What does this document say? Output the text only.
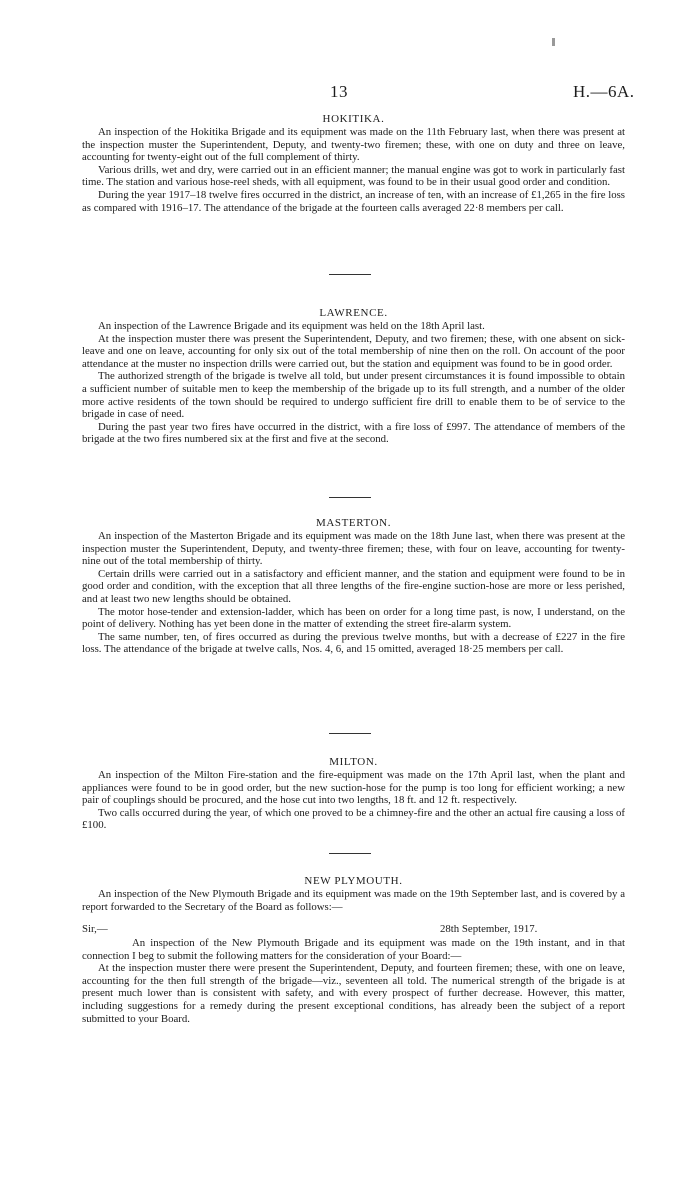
13	H.—6A.
HOKITIKA.

An inspection of the Hokitika Brigade and its equipment was made on the 11th February last, when there was present at the inspection muster the Superintendent, Deputy, and twenty-two firemen; these, with one on duty and three on leave, accounting for twenty-eight out of the full complement of thirty.

Various drills, wet and dry, were carried out in an efficient manner; the manual engine was got to work in particularly fast time. The station and various hose-reel sheds, with all equipment, was found to be in their usual good order and condition.

During the year 1917–18 twelve fires occurred in the district, an increase of ten, with an increase of £1,265 in the fire loss as compared with 1916–17. The attendance of the brigade at the fourteen calls averaged 22·8 members per call.

LAWRENCE.

An inspection of the Lawrence Brigade and its equipment was held on the 18th April last.

At the inspection muster there was present the Superintendent, Deputy, and two firemen; these, with one absent on sick-leave and one on leave, accounting for only six out of the total membership of nine then on the roll. On account of the poor attendance at the muster no inspection drills were carried out, but the station and equipment was found to be in good order.

The authorized strength of the brigade is twelve all told, but under present circumstances it is found impossible to obtain a sufficient number of suitable men to keep the membership of the brigade up to its full strength, and a number of the older more active residents of the town should be required to undergo sufficient fire drill to enable them to be of service to the brigade in case of need.

During the past year two fires have occurred in the district, with a fire loss of £997. The attendance of members of the brigade at the two fires numbered six at the first and five at the second.

MASTERTON.

An inspection of the Masterton Brigade and its equipment was made on the 18th June last, when there was present at the inspection muster the Superintendent, Deputy, and twenty-three firemen; these, with four on leave, accounting for twenty-nine out of the total membership of thirty.

Certain drills were carried out in a satisfactory and efficient manner, and the station and equipment were found to be in good order and condition, with the exception that all three lengths of the fire-engine suction-hose are more or less perished, and at least two new lengths should be obtained.

The motor hose-tender and extension-ladder, which has been on order for a long time past, is now, I understand, on the point of delivery. Nothing has yet been done in the matter of extending the street fire-alarm system.

The same number, ten, of fires occurred as during the previous twelve months, but with a decrease of £227 in the fire loss. The attendance of the brigade at twelve calls, Nos. 4, 6, and 15 omitted, averaged 18·25 members per call.

MILTON.

An inspection of the Milton Fire-station and the fire-equipment was made on the 17th April last, when the plant and appliances were found to be in good order, but the new suction-hose for the pump is too long for efficient working; a new pair of couplings should be procured, and the hose cut into two lengths, 18 ft. and 12 ft. respectively.

Two calls occurred during the year, of which one proved to be a chimney-fire and the other an actual fire causing a loss of £100.

NEW PLYMOUTH.

An inspection of the New Plymouth Brigade and its equipment was made on the 19th September last, and is covered by a report forwarded to the Secretary of the Board as follows:—

Sir,—	28th September, 1917.

An inspection of the New Plymouth Brigade and its equipment was made on the 19th instant, and in that connection I beg to submit the following matters for the consideration of your Board:—

At the inspection muster there were present the Superintendent, Deputy, and fourteen firemen; these, with one on leave, accounting for the then full strength of the brigade—viz., seventeen all told. The numerical strength of the brigade is at present much lower than is consistent with safety, and with every prospect of further decrease. However, this matter, including suggestions for a remedy during the present exceptional conditions, has already been the subject of a report submitted to your Board.
